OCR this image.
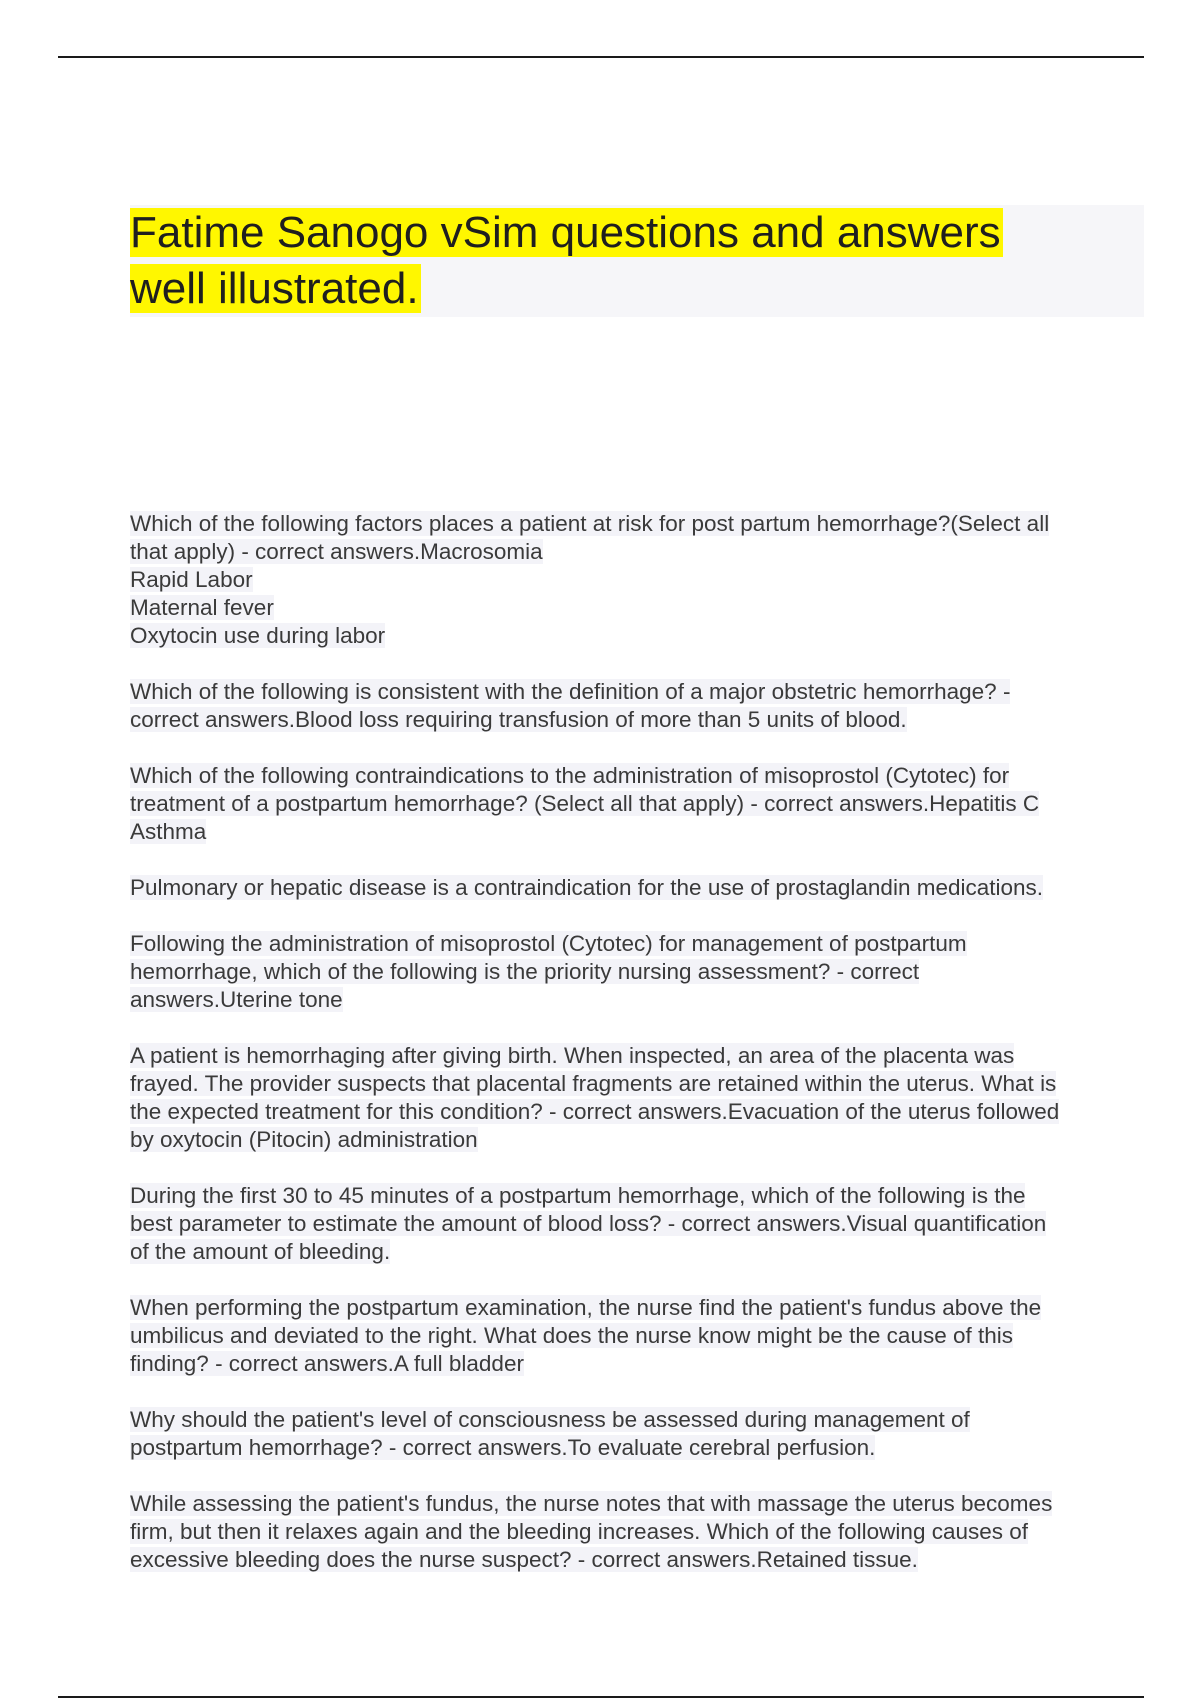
Fatime Sanogo vSim questions and answers
well illustrated.

Which of the following factors places a patient at risk for post partum hemorrhage?(Select all
that apply) - correct answers.Macrosomia
Rapid Labor
Maternal fever
Oxytocin use during labor

Which of the following is consistent with the definition of a major obstetric hemorrhage? -
correct answers.Blood loss requiring transfusion of more than 5 units of blood.

Which of the following contraindications to the administration of misoprostol (Cytotec) for
treatment of a postpartum hemorrhage? (Select all that apply) - correct answers.Hepatitis C
Asthma

Pulmonary or hepatic disease is a contraindication for the use of prostaglandin medications.

Following the administration of misoprostol (Cytotec) for management of postpartum
hemorrhage, which of the following is the priority nursing assessment? - correct
answers.Uterine tone

A patient is hemorrhaging after giving birth. When inspected, an area of the placenta was
frayed. The provider suspects that placental fragments are retained within the uterus. What is
the expected treatment for this condition? - correct answers.Evacuation of the uterus followed
by oxytocin (Pitocin) administration

During the first 30 to 45 minutes of a postpartum hemorrhage, which of the following is the
best parameter to estimate the amount of blood loss? - correct answers.Visual quantification
of the amount of bleeding.

When performing the postpartum examination, the nurse find the patient's fundus above the
umbilicus and deviated to the right. What does the nurse know might be the cause of this
finding? - correct answers.A full bladder

Why should the patient's level of consciousness be assessed during management of
postpartum hemorrhage? - correct answers.To evaluate cerebral perfusion.

While assessing the patient's fundus, the nurse notes that with massage the uterus becomes
firm, but then it relaxes again and the bleeding increases. Which of the following causes of
excessive bleeding does the nurse suspect? - correct answers.Retained tissue.
